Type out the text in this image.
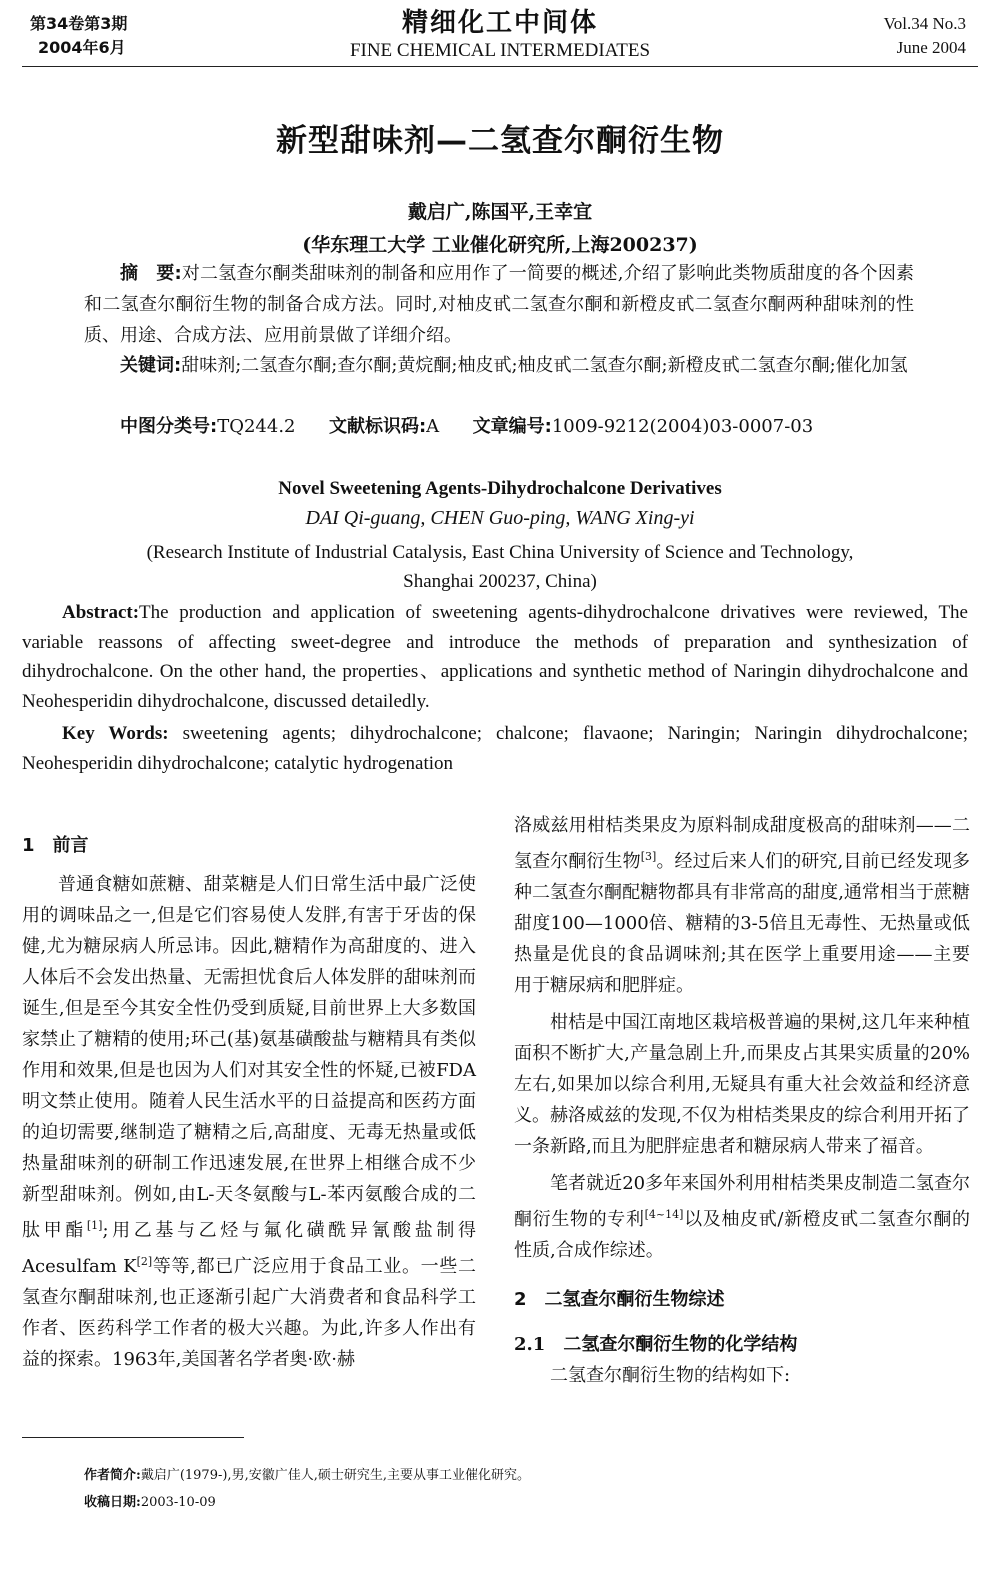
第34卷第3期
2004年6月
精细化工中间体
FINE CHEMICAL INTERMEDIATES
Vol.34 No.3
June 2004
新型甜味剂—二氢查尔酮衍生物
戴启广,陈国平,王幸宜
(华东理工大学 工业催化研究所,上海200237)
摘　要:对二氢查尔酮类甜味剂的制备和应用作了一简要的概述,介绍了影响此类物质甜度的各个因素和二氢查尔酮衍生物的制备合成方法。同时,对柚皮甙二氢查尔酮和新橙皮甙二氢查尔酮两种甜味剂的性质、用途、合成方法、应用前景做了详细介绍。
关键词:甜味剂;二氢查尔酮;查尔酮;黄烷酮;柚皮甙;柚皮甙二氢查尔酮;新橙皮甙二氢查尔酮;催化加氢
中图分类号:TQ244.2 文献标识码:A 文章编号:1009-9212(2004)03-0007-03
Novel Sweetening Agents-Dihydrochalcone Derivatives
DAI Qi-guang, CHEN Guo-ping, WANG Xing-yi
(Research Institute of Industrial Catalysis, East China University of Science and Technology,
Shanghai 200237, China)
Abstract:The production and application of sweetening agents-dihydrochalcone drivatives were reviewed, The variable reassons of affecting sweet-degree and introduce the methods of preparation and synthesization of dihydrochalcone. On the other hand, the properties、applications and synthetic method of Naringin dihydrochalcone and Neohesperidin dihydrochalcone, discussed detailedly.
Key Words: sweetening agents; dihydrochalcone; chalcone; flavaone; Naringin; Naringin dihydrochalcone; Neohesperidin dihydrochalcone; catalytic hydrogenation
1　前言

普通食糖如蔗糖、甜菜糖是人们日常生活中最广泛使用的调味品之一,但是它们容易使人发胖,有害于牙齿的保健,尤为糖尿病人所忌讳。因此,糖精作为高甜度的、进入人体后不会发出热量、无需担忧食后人体发胖的甜味剂而诞生,但是至今其安全性仍受到质疑,目前世界上大多数国家禁止了糖精的使用;环己(基)氨基磺酸盐与糖精具有类似作用和效果,但是也因为人们对其安全性的怀疑,已被FDA明文禁止使用。随着人民生活水平的日益提高和医药方面的迫切需要,继制造了糖精之后,高甜度、无毒无热量或低热量甜味剂的研制工作迅速发展,在世界上相继合成不少新型甜味剂。例如,由L-天冬氨酸与L-苯丙氨酸合成的二肽甲酯[1];用乙基与乙烃与氟化磺酰异氰酸盐制得Acesulfam K[2]等等,都已广泛应用于食品工业。一些二氢查尔酮甜味剂,也正逐渐引起广大消费者和食品科学工作者、医药科学工作者的极大兴趣。为此,许多人作出有益的探索。1963年,美国著名学者奥·欧·赫

洛威兹用柑桔类果皮为原料制成甜度极高的甜味剂——二氢查尔酮衍生物[3]。经过后来人们的研究,目前已经发现多种二氢查尔酮配糖物都具有非常高的甜度,通常相当于蔗糖甜度100—1000倍、糖精的3-5倍且无毒性、无热量或低热量是优良的食品调味剂;其在医学上重要用途——主要用于糖尿病和肥胖症。

柑桔是中国江南地区栽培极普遍的果树,这几年来种植面积不断扩大,产量急剧上升,而果皮占其果实质量的20%左右,如果加以综合利用,无疑具有重大社会效益和经济意义。赫洛威兹的发现,不仅为柑桔类果皮的综合利用开拓了一条新路,而且为肥胖症患者和糖尿病人带来了福音。

笔者就近20多年来国外利用柑桔类果皮制造二氢查尔酮衍生物的专利[4~14]以及柚皮甙/新橙皮甙二氢查尔酮的性质,合成作综述。

2　二氢查尔酮衍生物综述
2.1　二氢查尔酮衍生物的化学结构

二氢查尔酮衍生物的结构如下:

作者简介:戴启广(1979-),男,安徽广佳人,硕士研究生,主要从事工业催化研究。
收稿日期:2003-10-09
